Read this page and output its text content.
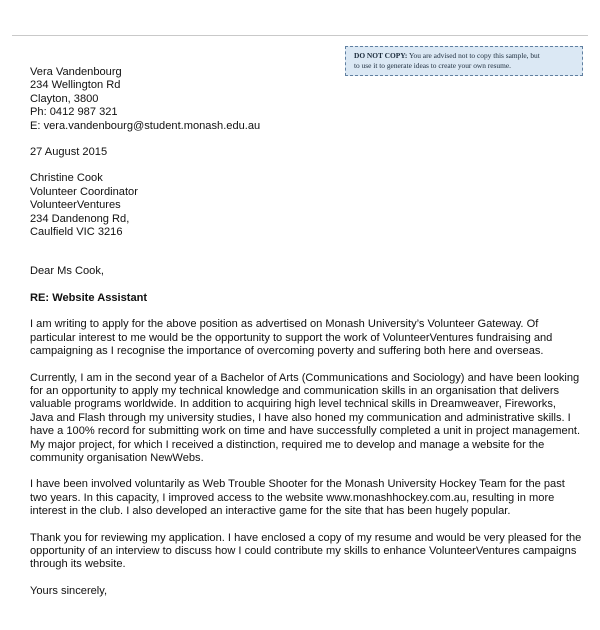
DO NOT COPY: You are advised not to copy this sample, but
to use it to generate ideas to create your own resume.
Vera Vandenbourg
234 Wellington Rd
Clayton, 3800
Ph: 0412 987 321
E: vera.vandenbourg@student.monash.edu.au
27 August 2015
Christine Cook
Volunteer Coordinator
VolunteerVentures
234 Dandenong Rd,
Caulfield VIC 3216
Dear Ms Cook,
RE: Website Assistant
I am writing to apply for the above position as advertised on Monash University’s Volunteer Gateway. Of
particular interest to me would be the opportunity to support the work of VolunteerVentures fundraising and
campaigning as I recognise the importance of overcoming poverty and suffering both here and overseas.
Currently, I am in the second year of a Bachelor of Arts (Communications and Sociology) and have been looking
for an opportunity to apply my technical knowledge and communication skills in an organisation that delivers
valuable programs worldwide. In addition to acquiring high level technical skills in Dreamweaver, Fireworks,
Java and Flash through my university studies, I have also honed my communication and administrative skills. I
have a 100% record for submitting work on time and have successfully completed a unit in project management.
My major project, for which I received a distinction, required me to develop and manage a website for the
community organisation NewWebs.
I have been involved voluntarily as Web Trouble Shooter for the Monash University Hockey Team for the past
two years. In this capacity, I improved access to the website www.monashhockey.com.au, resulting in more
interest in the club. I also developed an interactive game for the site that has been hugely popular.
Thank you for reviewing my application. I have enclosed a copy of my resume and would be very pleased for the
opportunity of an interview to discuss how I could contribute my skills to enhance VolunteerVentures campaigns
through its website.
Yours sincerely,
